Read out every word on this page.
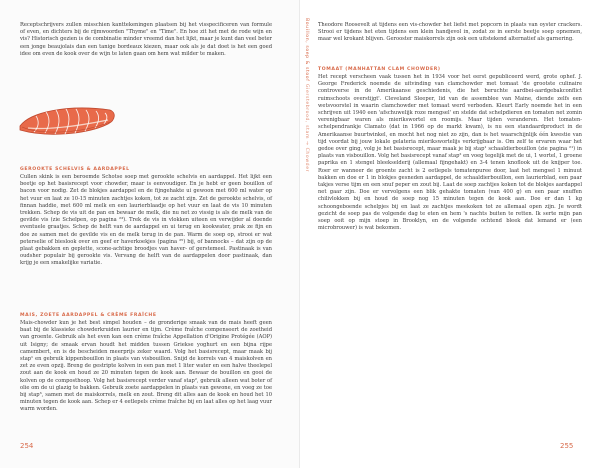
Receptschrijvers zullen misschien kanttekeningen plaatsen bij het visspecificeren van formule of even, en dichters bij de rijmwoorden "Thyme" en "Time". En hoe zit het met de rode wijn en vis? Historisch gezien is de combinatie minder vreemd dan het lijkt, maar je kunt dan veel beter een jonge beaujolais dan een tanige bordeaux kiezen, maar ook als je dat doet is het een goed idee om even de kook over de wijn te laten gaan om hem wat milder te maken.

GEROOKTE SCHELVIS & AARDAPPEL

Cullen skink is een beroemde Schotse soep met gerookte schelvis en aardappel. Het lijkt een beetje op het basisrecept voor chowder, maar is eenvoudiger. En je hebt er geen bouillon of bacon voor nodig. Zet de blokjes aardappel en de fijngehakte ui gewoon met 600 ml water op het vuur en laat ze 10-15 minuten zachtjes koken, tot ze zacht zijn. Zet de gerookte schelvis, of finnan haddie, met 600 ml melk en een laurierblaadje op het vuur en laat de vis 10 minuten trekken. Schep de vis uit de pan en bewaar de melk, die nu net zo vissig is als de melk van de gevilde vis (zie Schelpen, op pagina ²³). Trek de vis in vlokken uiteen en verwijder al doende eventuele graatjes. Schep de helft van de aardappel en ui terug en kookwater, prak ze fijn en doe ze samen met de gevilde vis en de melk terug in de pan. Warm de soep op, strooi er wat peterselie of bieslook over en geef er haverkoekjes (pagina ²⁵) bij, of bannocks – dat zijn op de plaat gebakken en geplette, scone-achtige broodjes van haver- of gerstemeel. Pastinaak is van oudsher populair bij gerookte vis. Vervang de helft van de aardappelen door pastinaak, dan krijg je een smakelijke variatie.

MAIS, ZOETE AARDAPPEL & CRÈME FRAÎCHE

Mais-chowder kun je het best simpel houden – de gronderige smaak van de mais heeft geen baat bij de klassieke chowderkruiden laurier en tijm. Crème fraîche compenseert de zoetheid van groente. Gebruik als het even kan een crème fraîche Appellation d'Origine Protégée (AOP) uit Isigny; de smaak ervan houdt het midden tussen Griekse yoghurt en een bijna rijpe camembert, en is de bescheiden meerprijs zeker waard. Volg het basisrecept, maar maak bij stap¹ en gebruik kippenbouillon in plaats van visbouillon. Snijd de korrels van 4 maiskolven en zet ze even opzij. Breng de gestripte kolven in een pan met 1 liter water en een halve theelepel zout aan de kook en houd ze 20 minuten tegen de kook aan. Bewaar de bouillon en gooi de kolven op de composthoop. Volg het basisrecept verder vanaf stap², gebruik alleen wat boter of olie om de ui glazig te bakken. Gebruik zoete aardappelen in plaats van gewone, en voeg ze toe bij stap³, samen met de maiskorrels, melk en zout. Breng dit alles aan de kook en houd het 10 minuten tegen de kook aan. Schep er 4 eetlepels crème fraîche bij en laat alles op het laag vuur warm worden.

254	255
Bouillon, soep & stoof Gierstebrood, stam → Chowder

Theodore Roosevelt at tijdens een vis-chowder het liefst met popcorn in plaats van oyster crackers. Strooi er tijdens het eten tijdens een klein handjevol in, zodat ze in eerste beetje soep opnemen, maar wel krokant blijven. Gerooster maiskorrels zijn ook een uitstekend alternatief als garnering.

TOMAAT (MANHATTAN CLAM CHOWDER)

Het recept verscheen vaak tussen het in 1934 voor het eerst gepubliceerd werd, grote ophef. J. George Frederick noemde de uitvinding van clamchowder met tomaat 'de grootste culinaire controverse in de Amerikaanse geschiedenis, die het beruchte aardbei-aardgebakconflict ruimschoots overstijgt'. Cleveland Sleeper, lid van de assemblee van Maine, diende zelfs een wetsvoorstel in waarin clamchowder met tomaat werd verboden. Kleurt Early noemde het in een schrijven uit 1940 een 'afschuwelijk roze mengsel' en stelde dat schelpdieren en tomaten net zomin verenigbaar waren als mierikswortel en roomijs. Maar tijden veranderen. Het tomaten-schelpendrankje Clamato (dat in 1966 op de markt kwam), is nu een standaardproduct in de Amerikaanse buurtwinkel, en mocht het nog niet zo zijn, dan is het waarschijnlijk één kwestie van tijd voordat bij jouw lokale gelateria mierikswortelijs verkrijgbaar is. Om zelf te ervaren waar het gedoe over ging, volg je het basisrecept, maar maak je bij stap¹ schaaldierbouillon (zie pagina ²¹) in plaats van visbouillon. Volg het basisrecept vanaf stap² en voeg tegelijk met de ui, 1 wortel, 1 groene paprika en 1 stengel bleekselderij (allemaal fijngehakt) en 3-4 tenen knoflook uit de knijper toe. Roer er wanneer de groente zacht is 2 eetlepels tomatenpuree door, laat het mengsel 1 minuut bakken en doe er 1 in blokjes gesneden aardappel, de schaaldierbouillon, een laurierblad, een paar takjes verse tijm en een snuf peper en zout bij. Laat de soep zachtjes koken tot de blokjes aardappel net gaar zijn. Doe er vervolgens een blik gehakte tomaten (van 400 g) en een paar snuffen chilivlokken bij en houd de soep nog 15 minuten tegen de kook aan. Doe er dan 1 kg schoongeboende schelpjes bij en laat ze zachtjes meekoken tot ze allemaal open zijn. Je wordt gezicht de soep pas de volgende dag te eten en hem 's nachts buiten te retten. Ik serte mijn pan soep ooit op mijn stoep in Brooklyn, en de volgende ochtend bleek dat lemand er (een microbrouwer) is wat bekomen.
